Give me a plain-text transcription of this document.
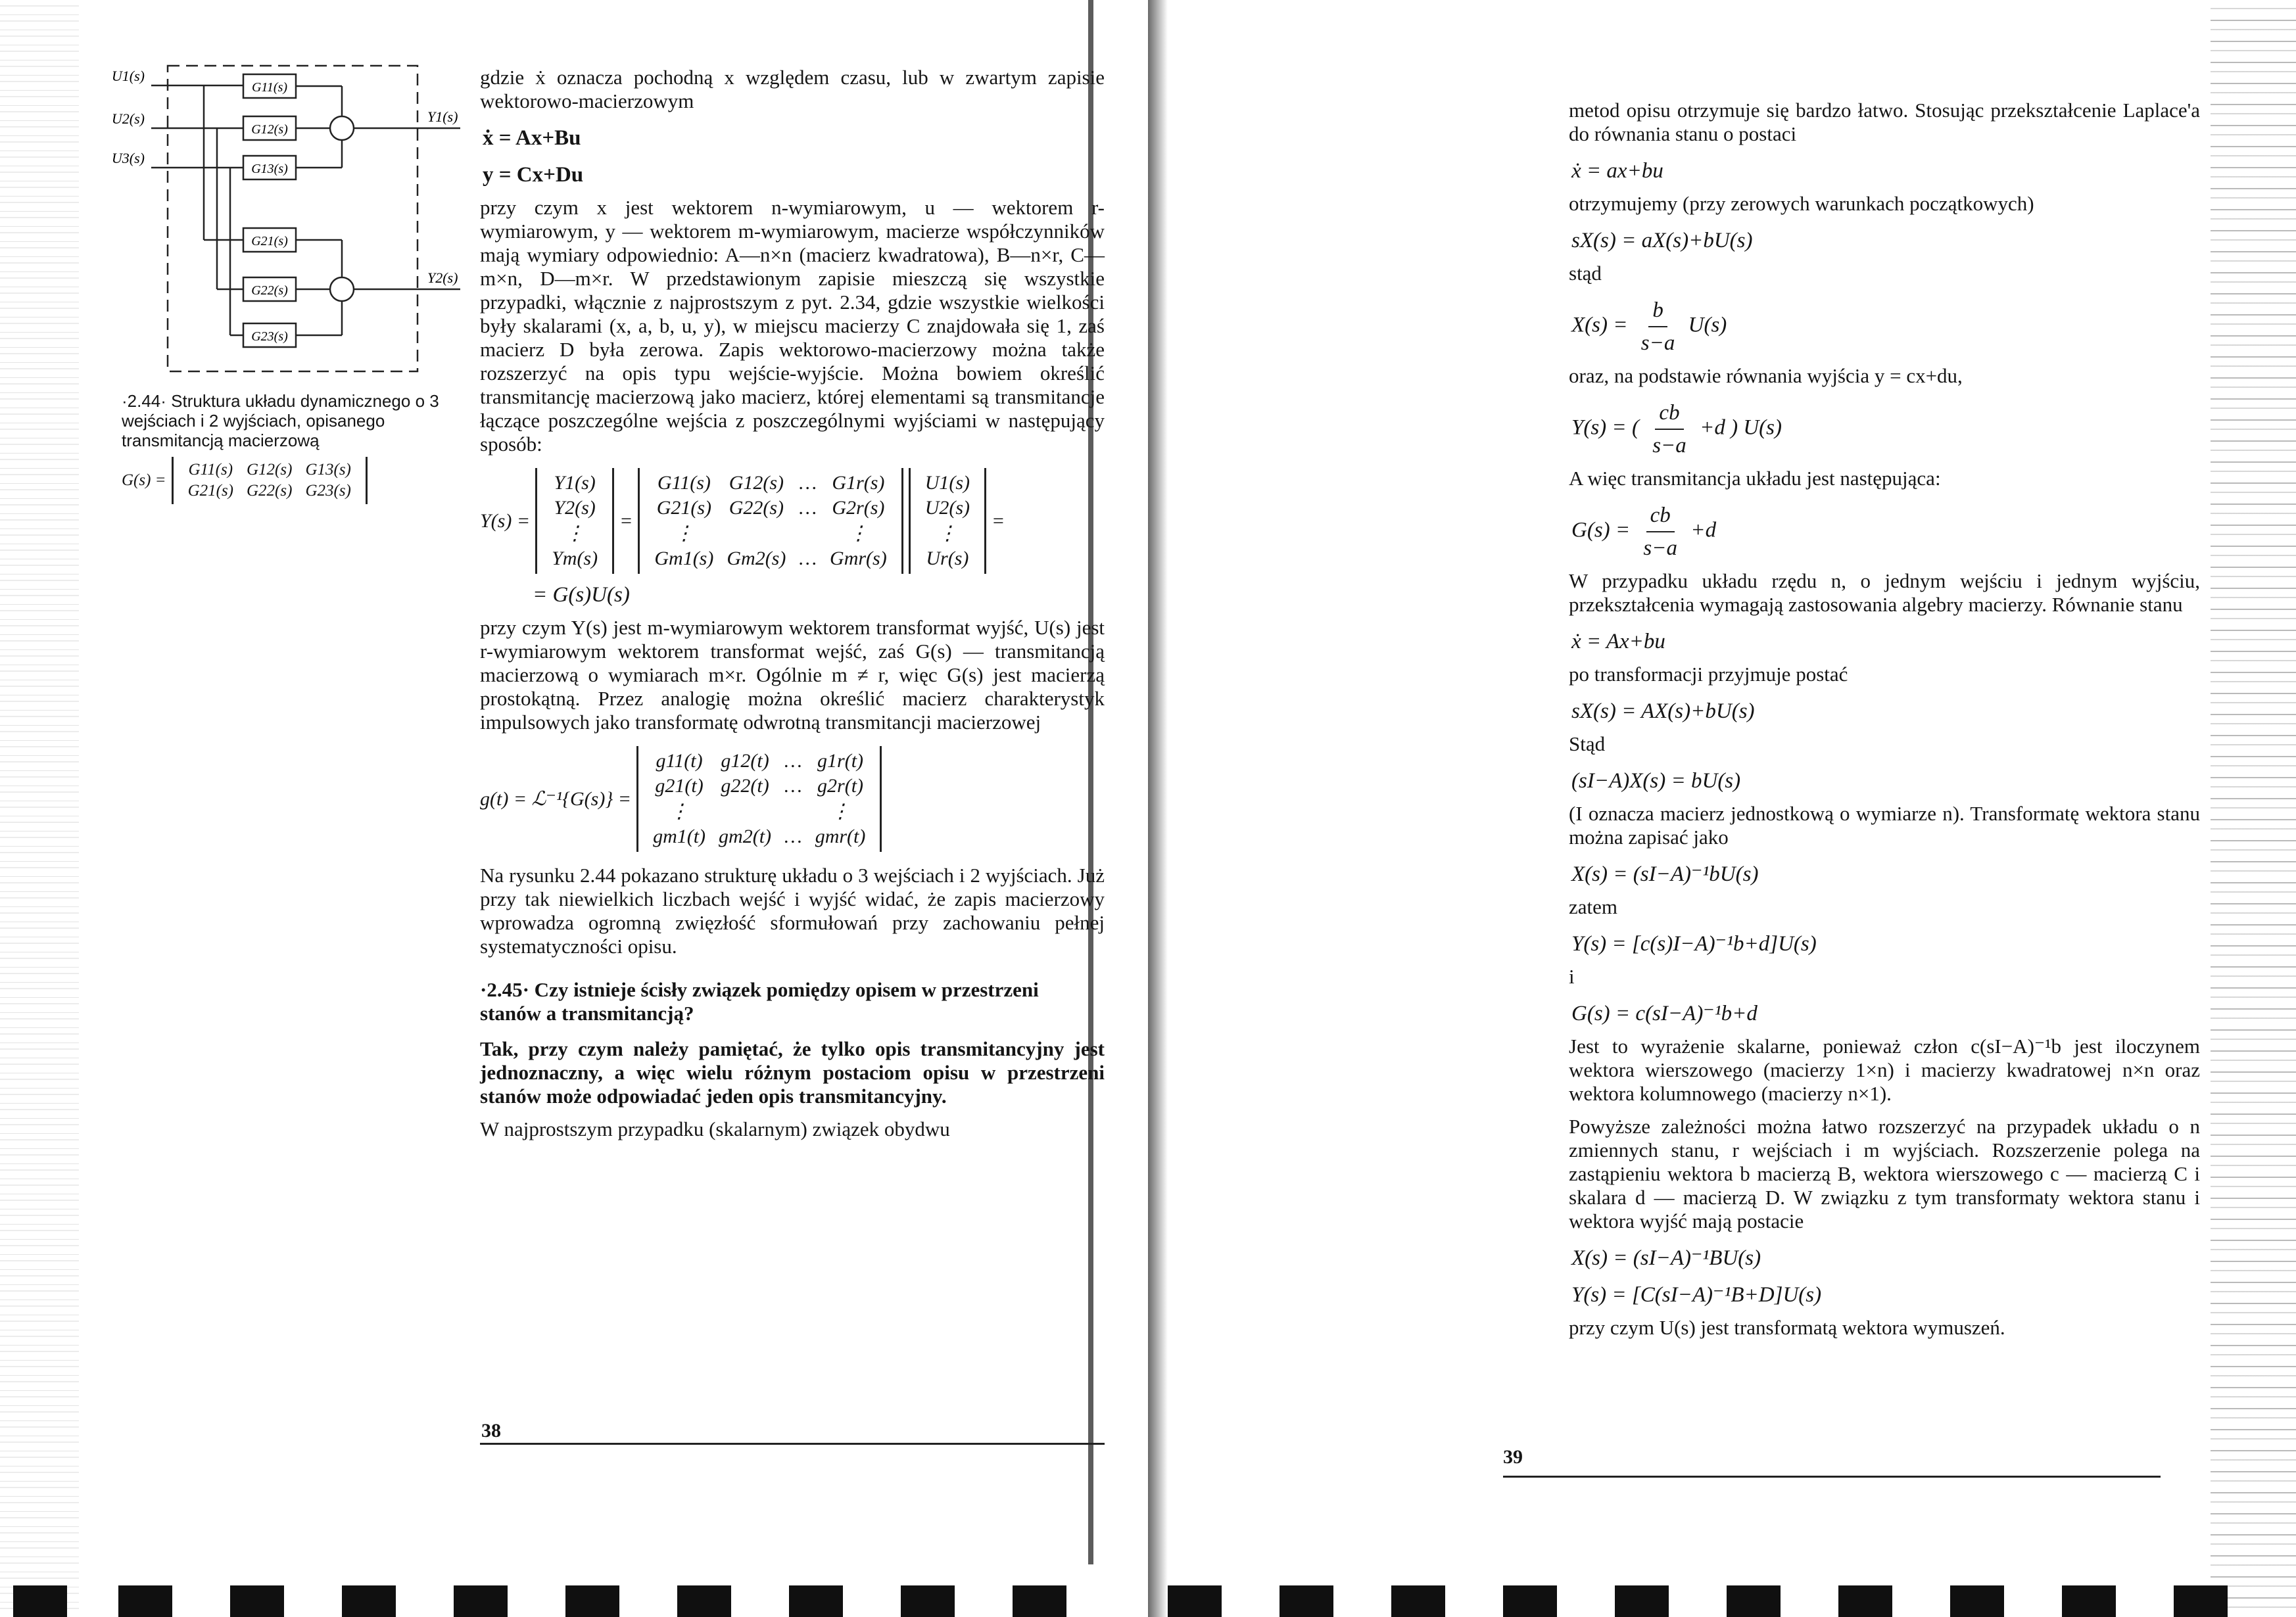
U1(s)
U2(s)
U3(s)
G11(s)
G12(s)
G13(s)
G21(s)
G22(s)
G23(s)
Y1(s)
Y2(s)
·2.44· Struktura układu dynamicznego o 3 wejściach i 2 wyjściach, opisanego transmitancją macierzową
G(s) =
G11(s)	G12(s)	G13(s)
G21(s)	G22(s)	G23(s)

gdzie ẋ oznacza pochodną x względem czasu, lub w zwartym zapisie wektorowo-macierzowym

ẋ = Ax+Bu
y = Cx+Du

przy czym x jest wektorem n-wymiarowym, u — wektorem r-wymiarowym, y — wektorem m-wymiarowym, macierze współczynników mają wymiary odpowiednio: A—n×n (macierz kwadratowa), B—n×r, C—m×n, D—m×r. W przedstawionym zapisie mieszczą się wszystkie przypadki, włącznie z najprostszym z pyt. 2.34, gdzie wszystkie wielkości były skalarami (x, a, b, u, y), w miejscu macierzy C znajdowała się 1, zaś macierz D była zerowa. Zapis wektorowo-macierzowy można także rozszerzyć na opis typu wejście-wyjście. Można bowiem określić transmitancję macierzową jako macierz, której elementami są transmitancje łączące poszczególne wejścia z poszczególnymi wyjściami w następujący sposób:

Y(s) =
Y1(s)
Y2(s)
⋮
Ym(s)
=
G11(s)	G12(s)	…	G1r(s)
G21(s)	G22(s)	…	G2r(s)
⋮			⋮
Gm1(s)	Gm2(s)	…	Gmr(s)
U1(s)
U2(s)
⋮
Ur(s)
=
= G(s)U(s)

przy czym Y(s) jest m-wymiarowym wektorem transformat wyjść, U(s) jest r-wymiarowym wektorem transformat wejść, zaś G(s) — transmitancją macierzową o wymiarach m×r. Ogólnie m ≠ r, więc G(s) jest macierzą prostokątną. Przez analogię można określić macierz charakterystyk impulsowych jako transformatę odwrotną transmitancji macierzowej

g(t) = ℒ⁻¹{G(s)} =
g11(t)	g12(t)	…	g1r(t)
g21(t)	g22(t)	…	g2r(t)
⋮			⋮
gm1(t)	gm2(t)	…	gmr(t)

Na rysunku 2.44 pokazano strukturę układu o 3 wejściach i 2 wyjściach. Już przy tak niewielkich liczbach wejść i wyjść widać, że zapis macierzowy wprowadza ogromną zwięzłość sformułowań przy zachowaniu pełnej systematyczności opisu.

·2.45· Czy istnieje ścisły związek pomiędzy opisem w przestrzeni stanów a transmitancją?

Tak, przy czym należy pamiętać, że tylko opis transmitancyjny jest jednoznaczny, a więc wielu różnym postaciom opisu w przestrzeni stanów może odpowiadać jeden opis transmitancyjny.

W najprostszym przypadku (skalarnym) związek obydwu

38

metod opisu otrzymuje się bardzo łatwo. Stosując przekształcenie Laplace'a do równania stanu o postaci

ẋ = ax+bu

otrzymujemy (przy zerowych warunkach początkowych)

sX(s) = aX(s)+bU(s)

stąd

$X(s) = \frac{b}{s-a} U(s)$

oraz, na podstawie równania wyjścia y = cx+du,

Y(s) = ( $\frac{cb}{s-a} +d$ ) U(s)

A więc transmitancja układu jest następująca:

$G(s) = \frac{cb}{s-a} +d$

W przypadku układu rzędu n, o jednym wejściu i jednym wyjściu, przekształcenia wymagają zastosowania algebry macierzy. Równanie stanu

ẋ = Ax+bu

po transformacji przyjmuje postać

sX(s) = AX(s)+bU(s)

Stąd

(sI−A)X(s) = bU(s)

(I oznacza macierz jednostkową o wymiarze n). Transformatę wektora stanu można zapisać jako

X(s) = (sI−A)⁻¹bU(s)

zatem

Y(s) = [c(s)I−A)⁻¹b+d]U(s)

i

G(s) = c(sI−A)⁻¹b+d

Jest to wyrażenie skalarne, ponieważ człon c(sI−A)⁻¹b jest iloczynem wektora wierszowego (macierzy 1×n) i macierzy kwadratowej n×n oraz wektora kolumnowego (macierzy n×1).

Powyższe zależności można łatwo rozszerzyć na przypadek układu o n zmiennych stanu, r wejściach i m wyjściach. Rozszerzenie polega na zastąpieniu wektora b macierzą B, wektora wierszowego c — macierzą C i skalara d — macierzą D. W związku z tym transformaty wektora stanu i wektora wyjść mają postacie

X(s) = (sI−A)⁻¹BU(s)
Y(s) = [C(sI−A)⁻¹B+D]U(s)

przy czym U(s) jest transformatą wektora wymuszeń.

39
